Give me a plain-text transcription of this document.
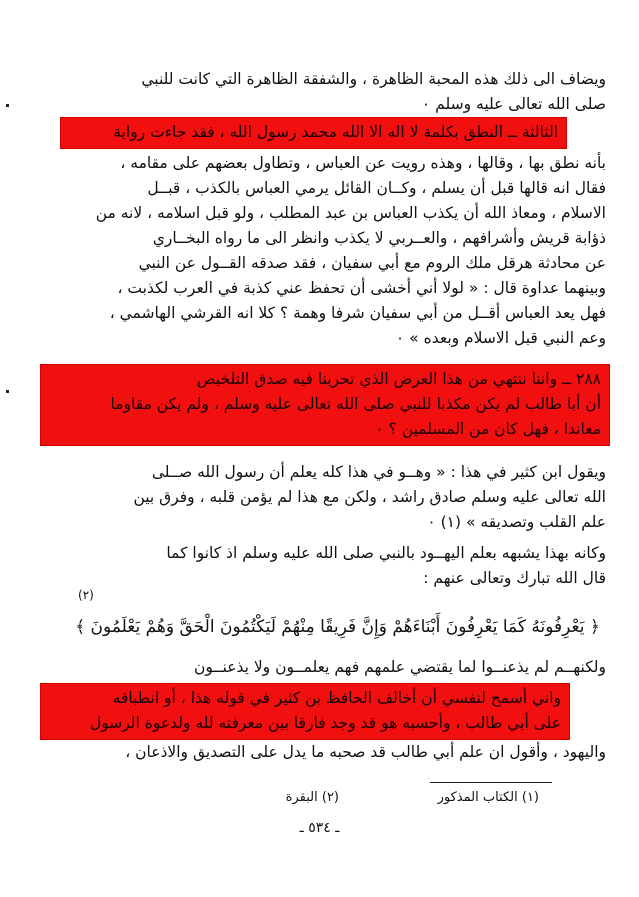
ويضاف الى ذلك هذه المحبة الظاهرة ، والشفقة الظاهرة التي كانت للنبي
صلى الله تعالى عليه وسلم ٠
الثالثة ــ النطق بكلمة لا اله الا الله محمد رسول الله ، فقد جاءت رواية
بأنه نطق بها ، وقالها ، وهذه رويت عن العباس ، وتطاول بعضهم على مقامه ،
فقال انه قالها قبل أن يسلم ، وكــان القائل يرمي العباس بالكذب ، قبــل
الاسلام ، ومعاذ الله أن يكذب العباس بن عبد المطلب ، ولو قبل اسلامه ، لانه من
ذؤابة قريش وأشرافهم ، والعــربي لا يكذب وانظر الى ما رواه البخــاري
عن محادثة هرقل ملك الروم مع أبي سفيان ، فقد صدقه القــول عن النبي
وبينهما عداوة قال : « لولا أني أخشى أن تحفظ عني كذبة في العرب لكذبت ،
فهل يعد العباس أقــل من أبي سفيان شرفا وهمة ؟ كلا انه القرشي الهاشمي ،
وعم النبي قبل الاسلام وبعده » ٠
٢٨٨ ــ واننا ننتهي من هذا العرض الذي تحرينا فيه صدق التلخيص
أن أبا طالب لم يكن مكذبا للنبي صلى الله تعالى عليه وسلم ، ولم يكن مقاوما
معاندا ، فهل كان من المسلمين ؟ ٠
ويقول ابن كثير في هذا : « وهــو في هذا كله يعلم أن رسول الله صــلى
الله تعالى عليه وسلم صادق راشد ، ولكن مع هذا لم يؤمن قلبه ، وفرق بين
علم القلب وتصديقه » (١) ٠
وكانه بهذا يشبهه بعلم اليهــود بالنبي صلى الله عليه وسلم اذ كانوا كما
قال الله تبارك وتعالى عنهم :
(٢)
﴿ يَعْرِفُونَهُ كَمَا يَعْرِفُونَ أَبْنَاءَهُمْ وَإِنَّ فَرِيقًا مِنْهُمْ لَيَكْتُمُونَ الْحَقَّ وَهُمْ يَعْلَمُونَ ﴾
ولكنهــم لم يذعنــوا لما يقتضي علمهم فهم يعلمــون ولا يذعنــون
واني أسمح لنفسي أن أخالف الحافظ بن كثير في قوله هذا ، أو انطباقه
على أبي طالب ، وأحسبه هو قد وجد فارقا بين معرفته لله ولدعوة الرسول
واليهود ، وأقول ان علم أبي طالب قد صحبه ما يدل على التصديق والاذعان ،
(١) الكتاب المذكور
(٢) البقرة
ـ ٥٣٤ ـ
